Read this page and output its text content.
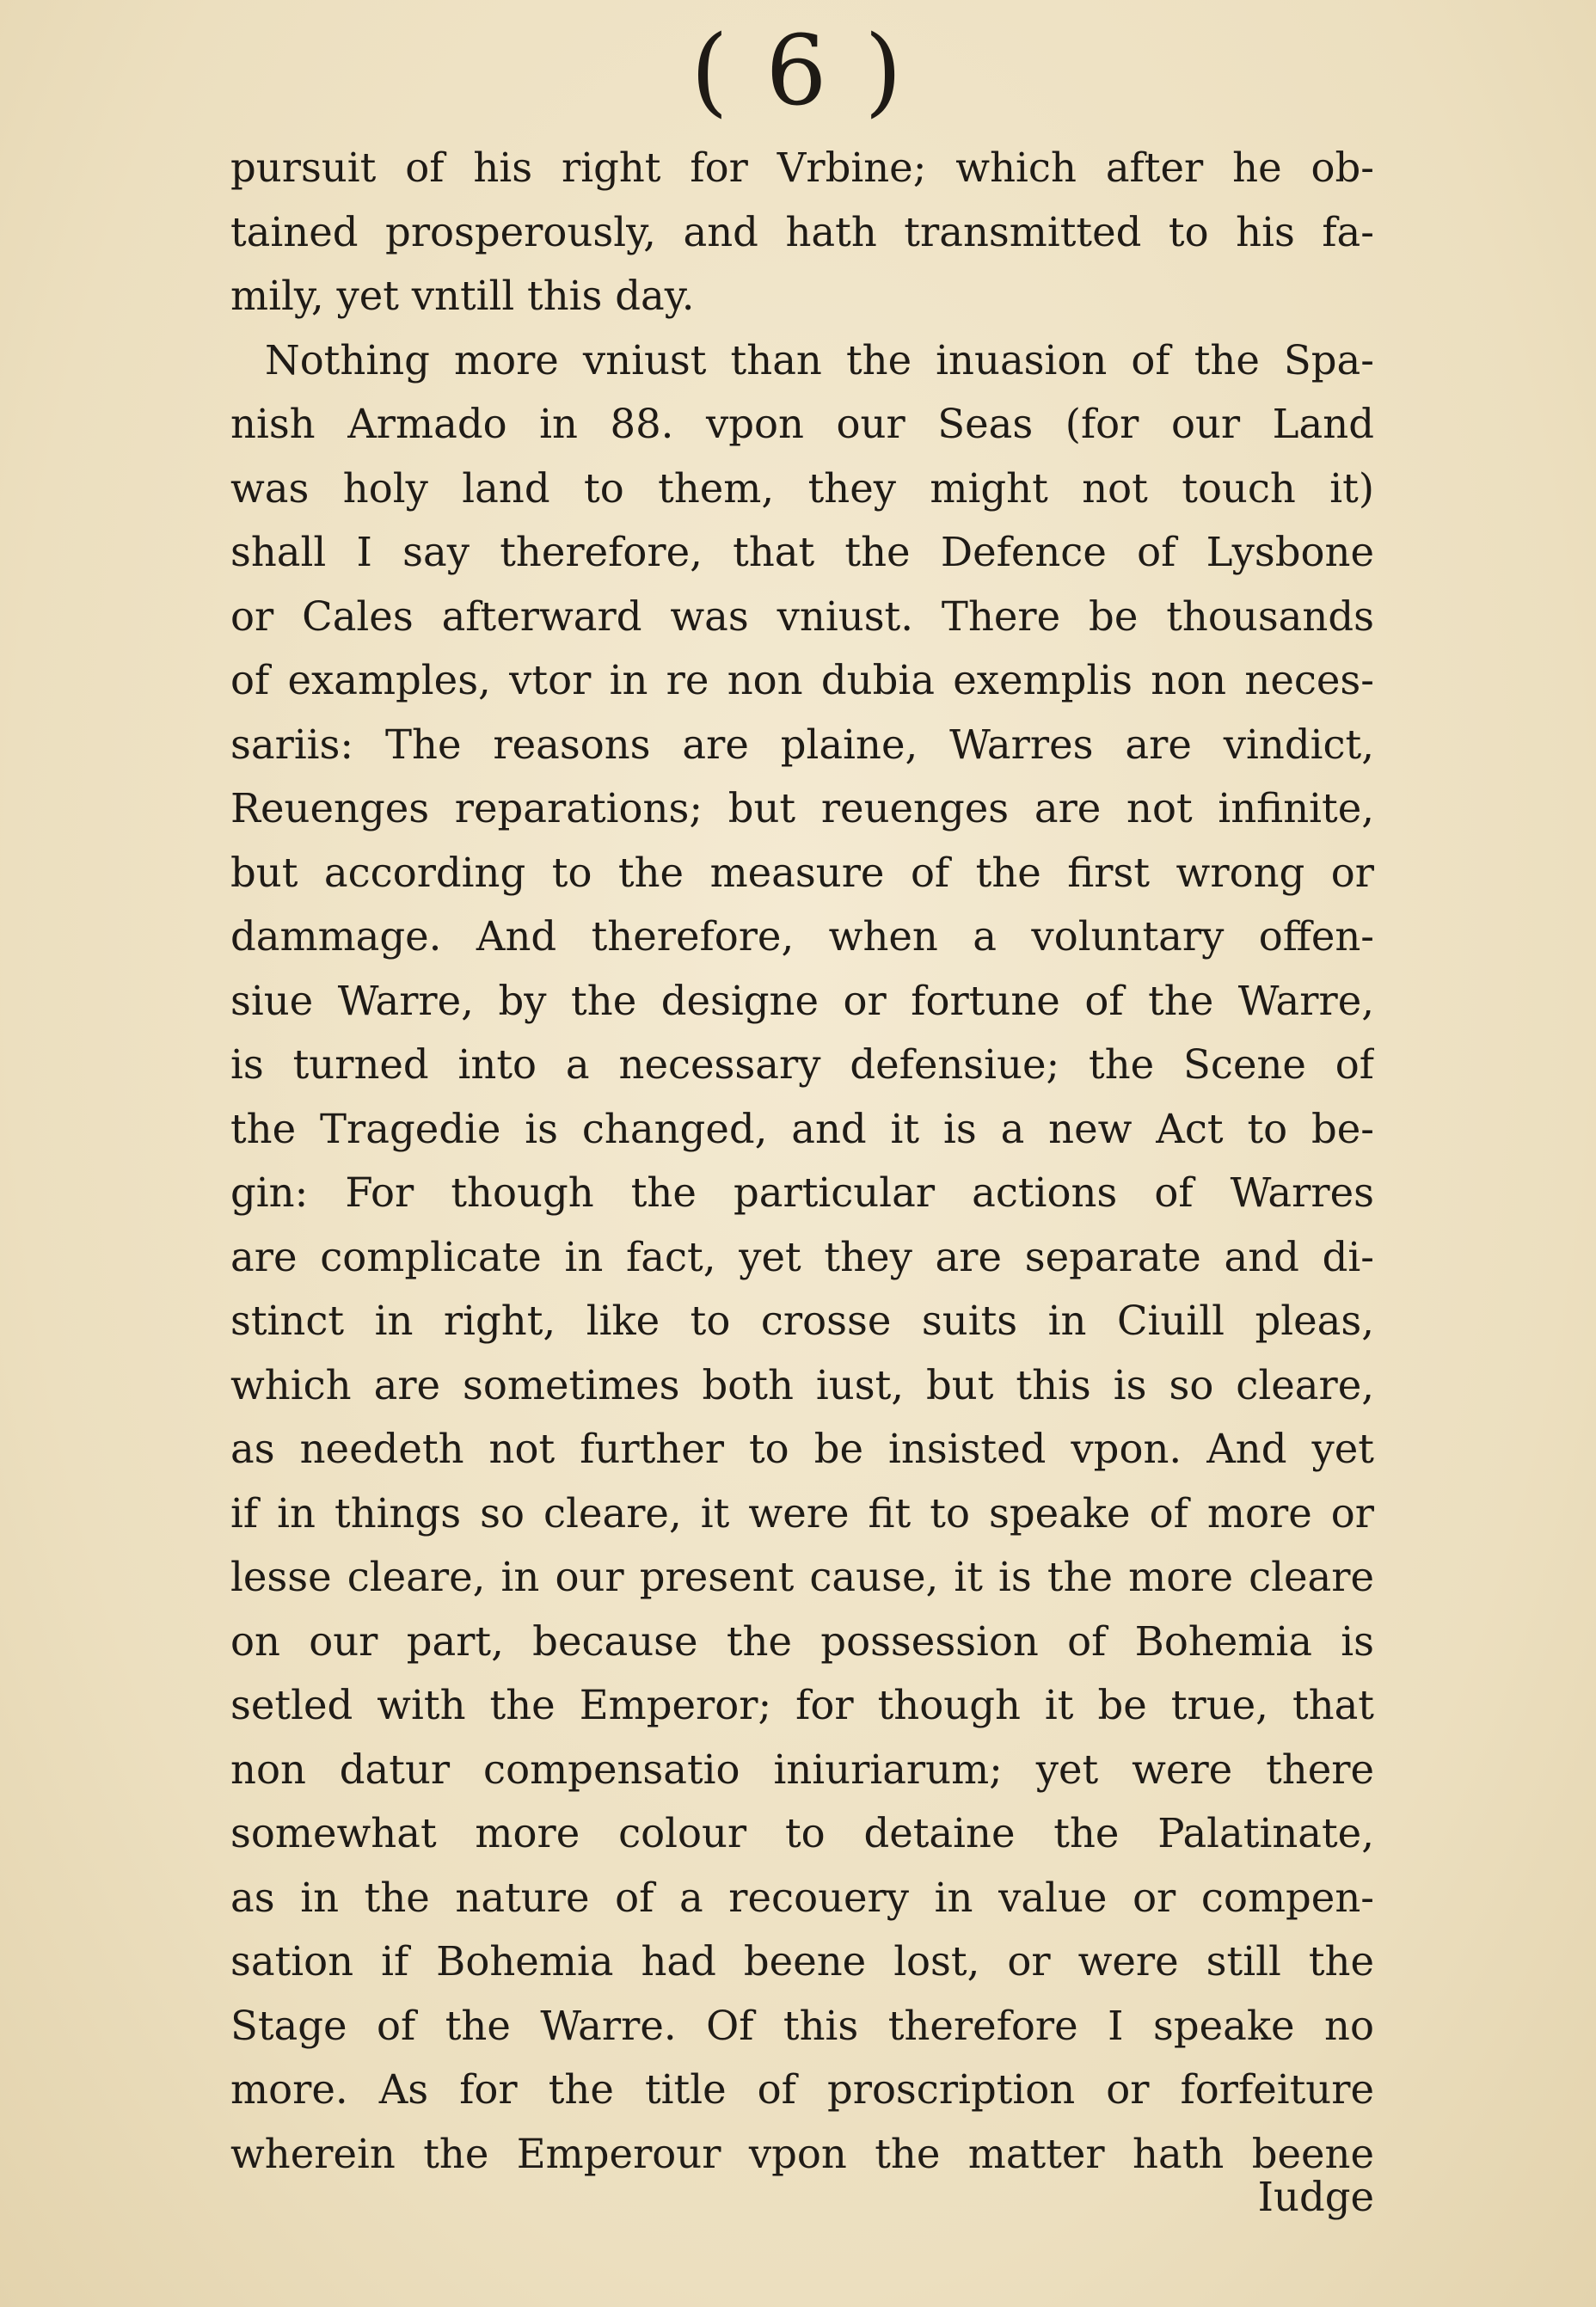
( 6 )
pursuit of his right for Vrbine; which after he ob-
tained prosperously, and hath transmitted to his fa-
mily, yet vntill this day.
Nothing more vniust than the inuasion of the Spa-
nish Armado in 88. vpon our Seas (for our Land
was holy land to them, they might not touch it)
shall I say therefore, that the Defence of Lysbone
or Cales afterward was vniust. There be thousands
of examples, vtor in re non dubia exemplis non neces-
sariis: The reasons are plaine, Warres are vindict,
Reuenges reparations; but reuenges are not infinite,
but according to the measure of the first wrong or
dammage. And therefore, when a voluntary offen-
siue Warre, by the designe or fortune of the Warre,
is turned into a necessary defensiue; the Scene of
the Tragedie is changed, and it is a new Act to be-
gin: For though the particular actions of Warres
are complicate in fact, yet they are separate and di-
stinct in right, like to crosse suits in Ciuill pleas,
which are sometimes both iust, but this is so cleare,
as needeth not further to be insisted vpon. And yet
if in things so cleare, it were fit to speake of more or
lesse cleare, in our present cause, it is the more cleare
on our part, because the possession of Bohemia is
setled with the Emperor; for though it be true, that
non datur compensatio iniuriarum; yet were there
somewhat more colour to detaine the Palatinate,
as in the nature of a recouery in value or compen-
sation if Bohemia had beene lost, or were still the
Stage of the Warre. Of this therefore I speake no
more. As for the title of proscription or forfeiture
wherein the Emperour vpon the matter hath beene
Iudge
